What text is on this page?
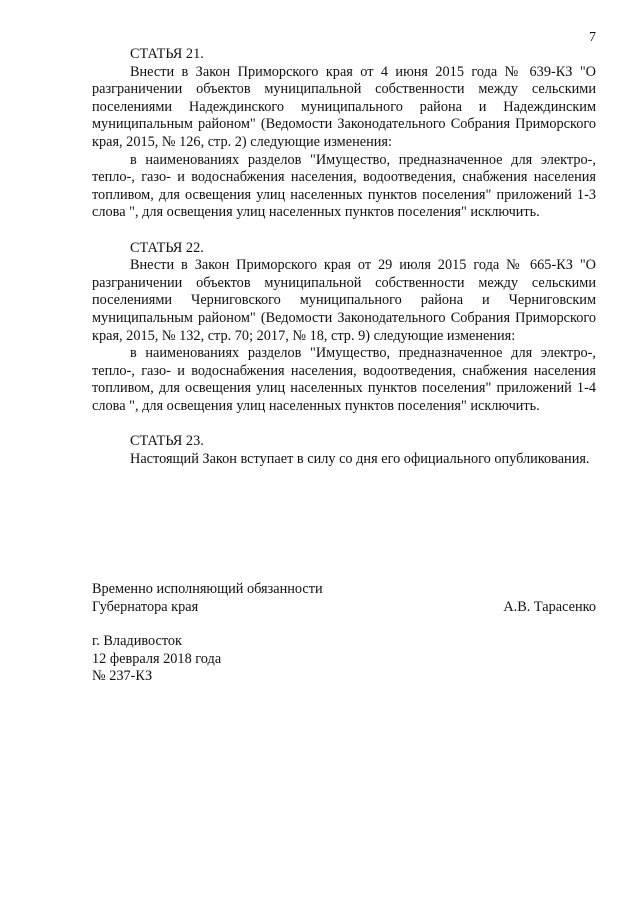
7
СТАТЬЯ 21.
Внести в Закон Приморского края от 4 июня 2015 года № 639-КЗ "О разграничении объектов муниципальной собственности между сельскими поселениями Надеждинского муниципального района и Надеждинским муниципальным районом" (Ведомости Законодательного Собрания Приморского края, 2015, № 126, стр. 2) следующие изменения:
в наименованиях разделов "Имущество, предназначенное для электро-, тепло-, газо- и водоснабжения населения, водоотведения, снабжения населения топливом, для освещения улиц населенных пунктов поселения" приложений 1-3 слова ", для освещения улиц населенных пунктов поселения" исключить.
СТАТЬЯ 22.
Внести в Закон Приморского края от 29 июля 2015 года № 665-КЗ "О разграничении объектов муниципальной собственности между сельскими поселениями Черниговского муниципального района и Черниговским муниципальным районом" (Ведомости Законодательного Собрания Приморского края, 2015, № 132, стр. 70; 2017, № 18, стр. 9) следующие изменения:
в наименованиях разделов "Имущество, предназначенное для электро-, тепло-, газо- и водоснабжения населения, водоотведения, снабжения населения топливом, для освещения улиц населенных пунктов поселения" приложений 1-4 слова ", для освещения улиц населенных пунктов поселения" исключить.
СТАТЬЯ 23.
Настоящий Закон вступает в силу со дня его официального опубликования.
Временно исполняющий обязанности
Губернатора края	А.В. Тарасенко
г. Владивосток
12 февраля 2018 года
№ 237-КЗ
